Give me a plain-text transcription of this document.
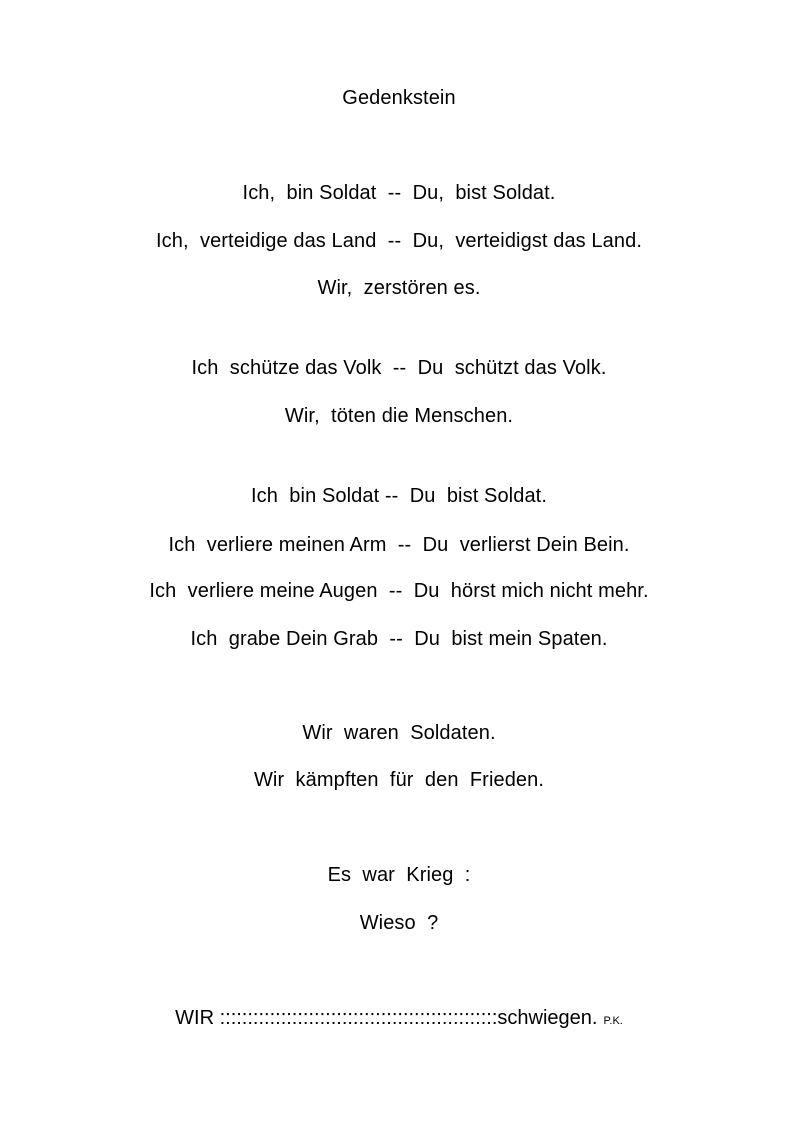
Gedenkstein
Ich,  bin Soldat  --  Du,  bist Soldat.
Ich,  verteidige das Land  --  Du,  verteidigst das Land.
Wir,  zerstören es.
Ich  schütze das Volk  --  Du  schützt das Volk.
Wir,  töten die Menschen.
Ich  bin Soldat --  Du  bist Soldat.
Ich  verliere meinen Arm  --  Du  verlierst Dein Bein.
Ich  verliere meine Augen  --  Du  hörst mich nicht mehr.
Ich  grabe Dein Grab  --  Du  bist mein Spaten.
Wir  waren  Soldaten.
Wir  kämpften  für  den  Frieden.
Es  war  Krieg  :
Wieso  ?
WIR ::::::::::::::::::::::::::::::::::::::::::::::::::schwiegen. P.K.
